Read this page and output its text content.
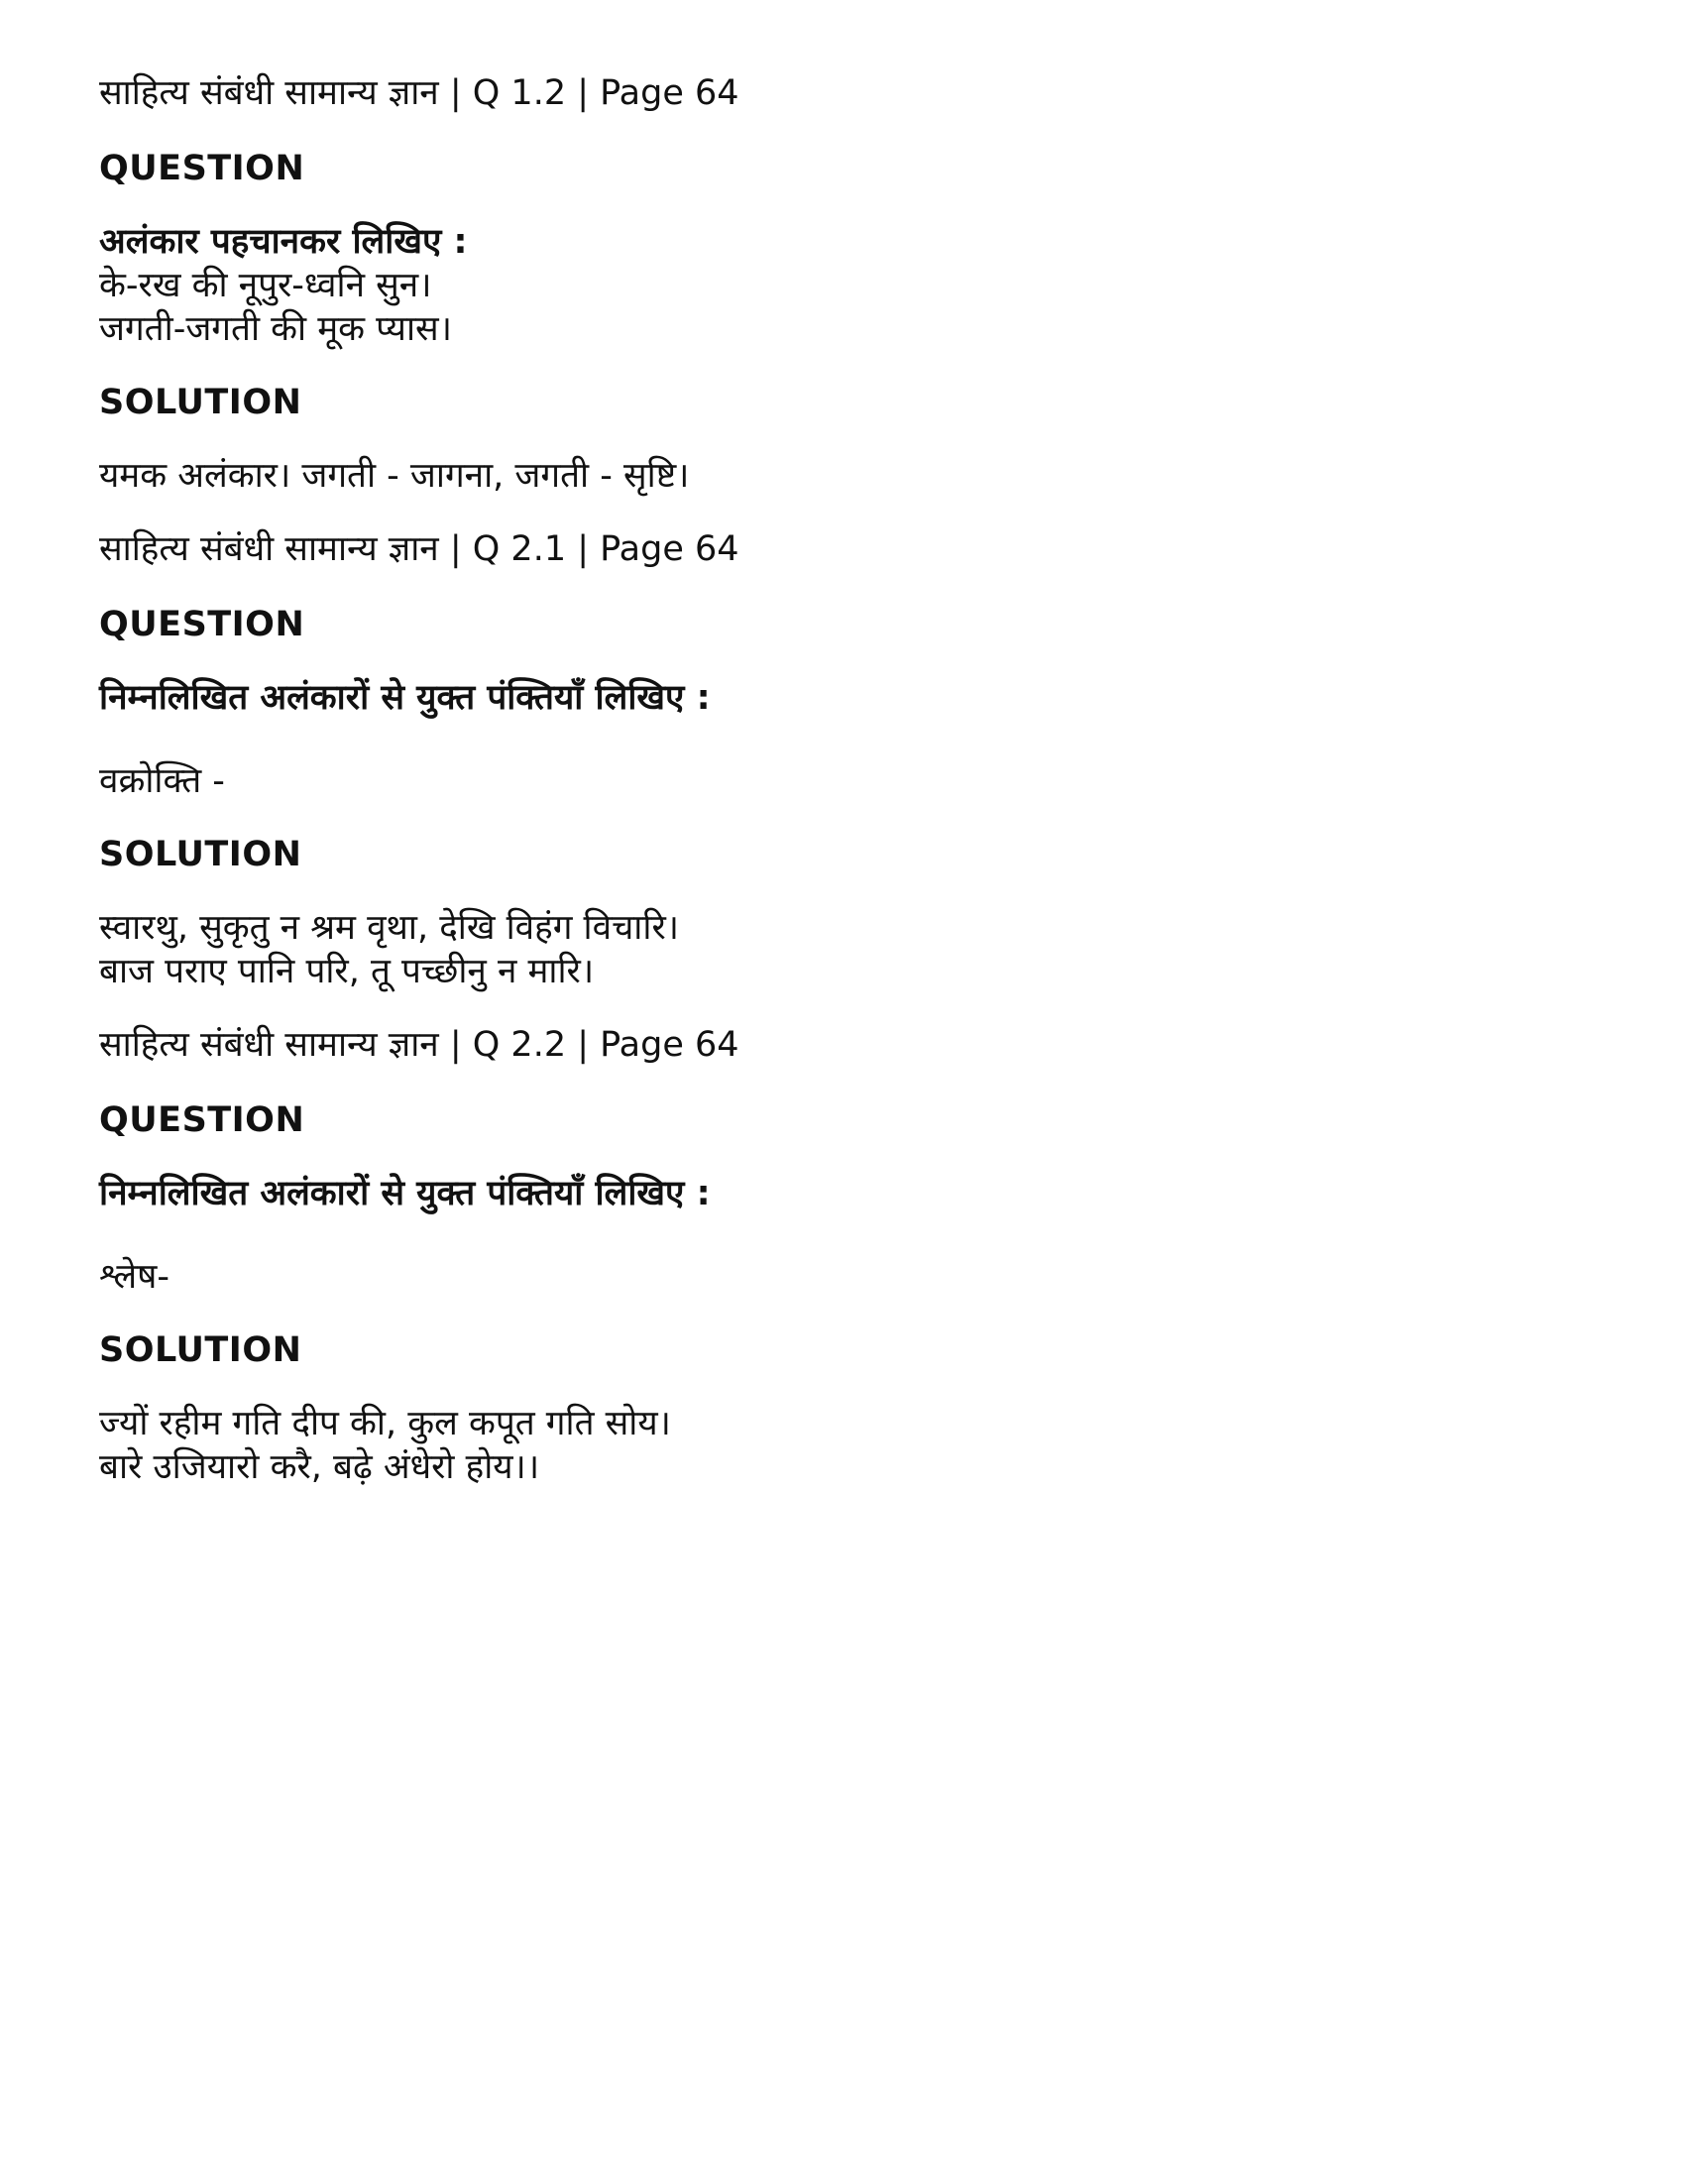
साहित्य संबंधी सामान्य ज्ञान | Q 1.2 | Page 64
QUESTION
अलंकार पहचानकर लिखिए :
के-रख की नूपुर-ध्वनि सुन।
जगती-जगती की मूक प्यास।
SOLUTION
यमक अलंकार। जगती - जागना, जगती - सृष्टि।
साहित्य संबंधी सामान्य ज्ञान | Q 2.1 | Page 64
QUESTION
निम्नलिखित अलंकारों से युक्त पंक्तियाँ लिखिए :
वक्रोक्ति -
SOLUTION
स्वारथु, सुकृतु न श्रम वृथा, देखि विहंग विचारि।
बाज पराए पानि परि, तू पच्छीनु न मारि।
साहित्य संबंधी सामान्य ज्ञान | Q 2.2 | Page 64
QUESTION
निम्नलिखित अलंकारों से युक्त पंक्तियाँ लिखिए :
श्लेष-
SOLUTION
ज्यों रहीम गति दीप की, कुल कपूत गति सोय।
बारे उजियारो करै, बढ़े अंधेरो होय।।
